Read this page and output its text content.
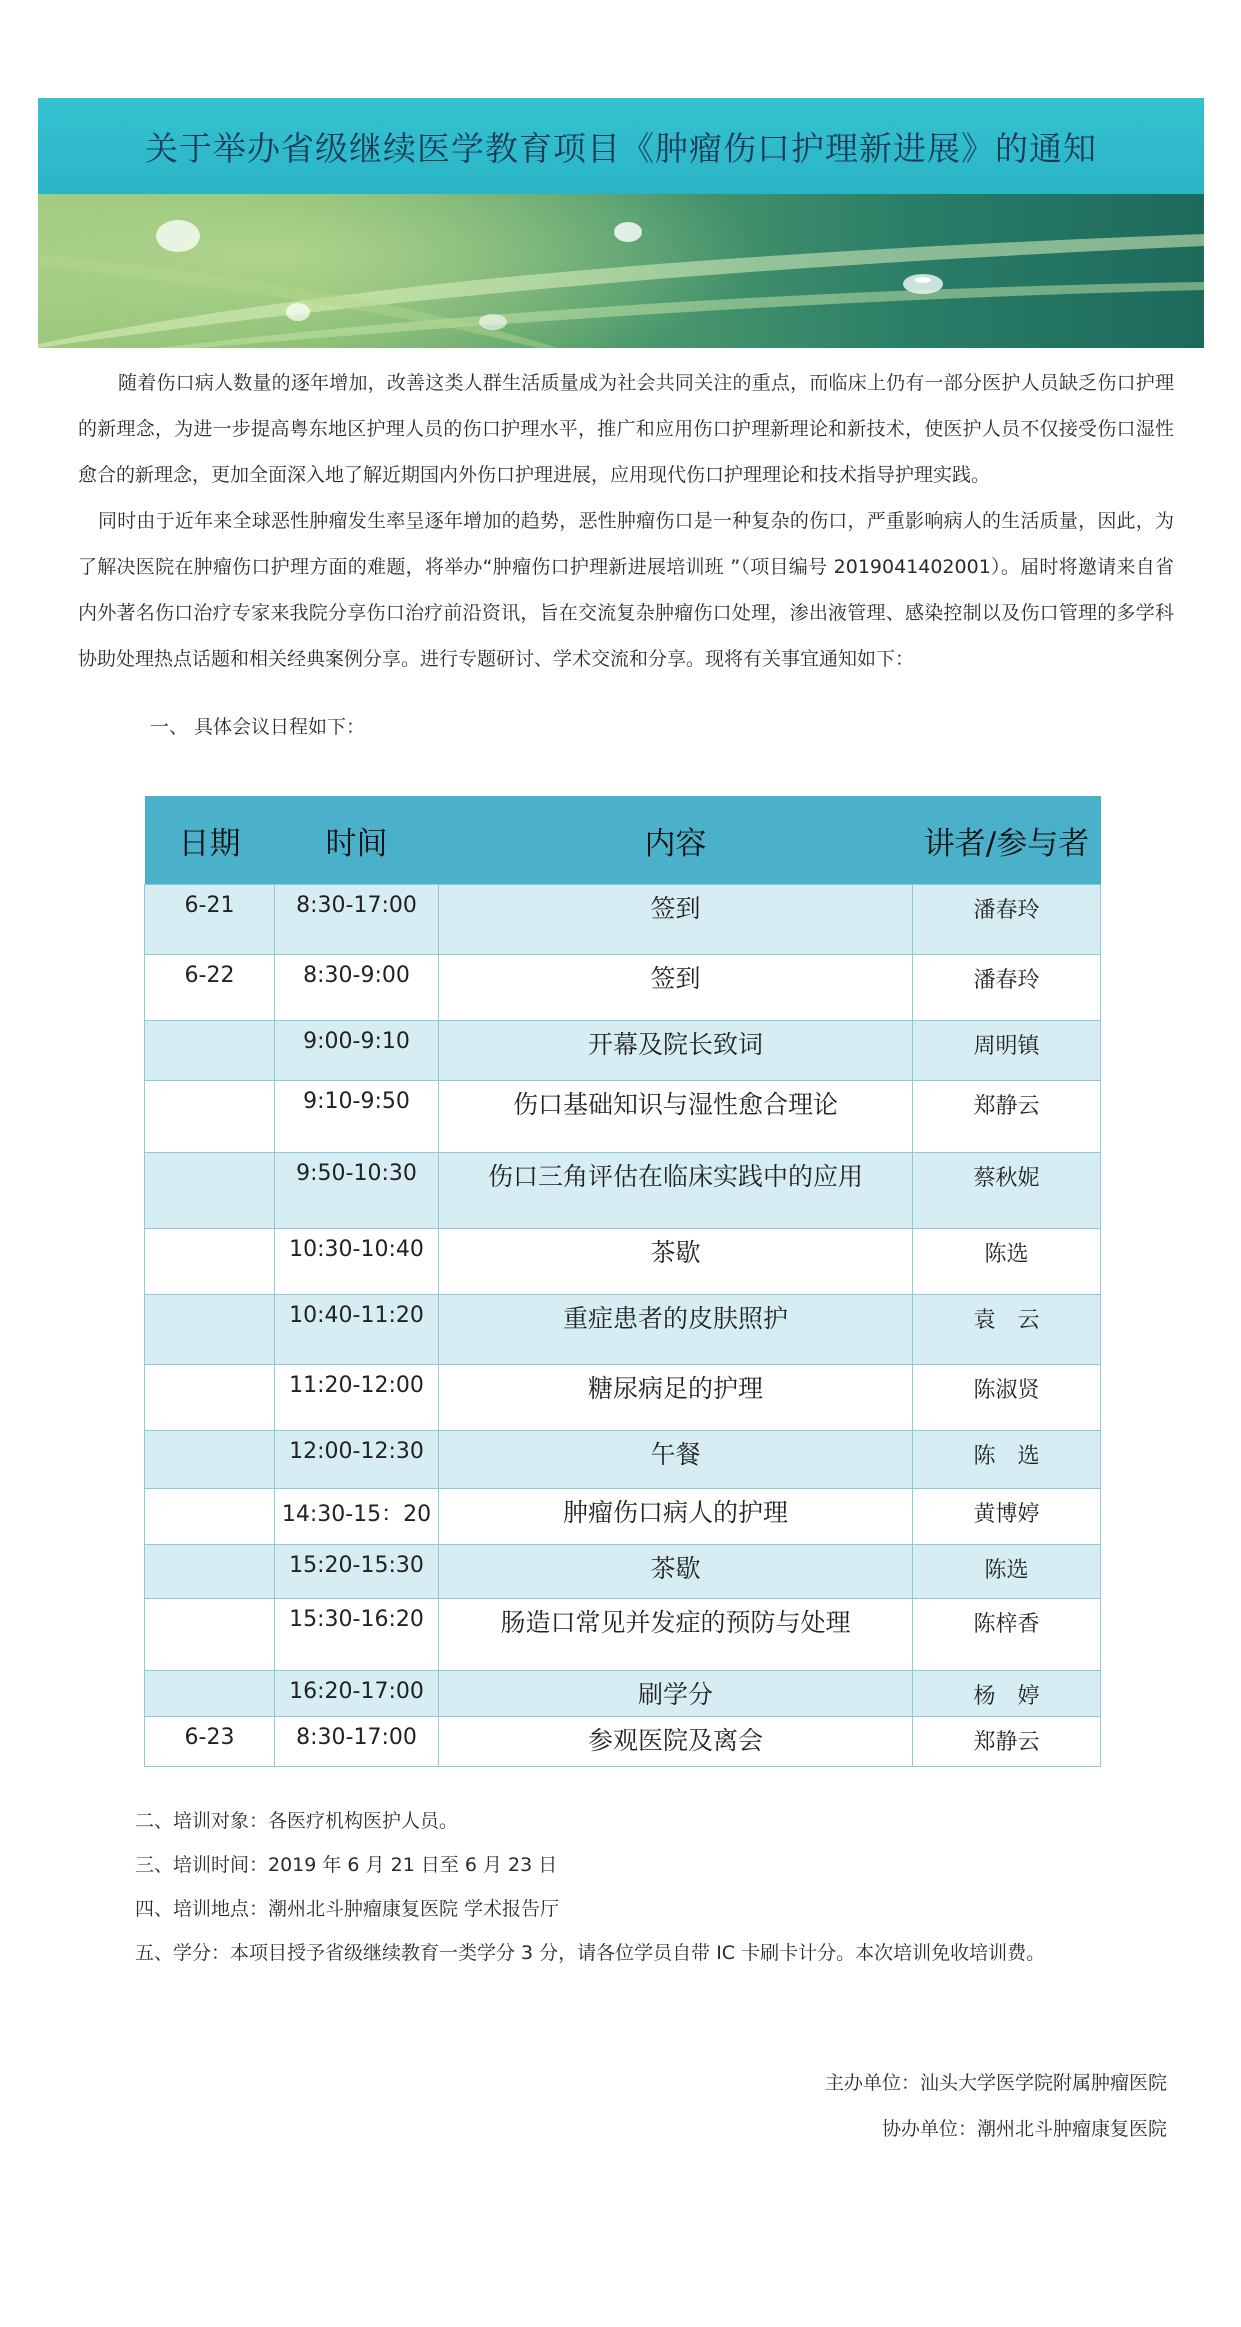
关于举办省级继续医学教育项目《肿瘤伤口护理新进展》的通知
随着伤口病人数量的逐年增加，改善这类人群生活质量成为社会共同关注的重点，而临床上仍有一部分医护人员缺乏伤口护理的新理念，为进一步提高粤东地区护理人员的伤口护理水平，推广和应用伤口护理新理论和新技术，使医护人员不仅接受伤口湿性愈合的新理念，更加全面深入地了解近期国内外伤口护理进展，应用现代伤口护理理论和技术指导护理实践。
同时由于近年来全球恶性肿瘤发生率呈逐年增加的趋势，恶性肿瘤伤口是一种复杂的伤口，严重影响病人的生活质量，因此，为了解决医院在肿瘤伤口护理方面的难题，将举办“肿瘤伤口护理新进展培训班 ”（项目编号 2019041402001）。届时将邀请来自省内外著名伤口治疗专家来我院分享伤口治疗前沿资讯，旨在交流复杂肿瘤伤口处理，渗出液管理、感染控制以及伤口管理的多学科协助处理热点话题和相关经典案例分享。进行专题研讨、学术交流和分享。现将有关事宜通知如下：
一、 具体会议日程如下：
日期	时间	内容	讲者/参与者
6-21	8:30-17:00	签到	潘春玲
6-22	8:30-9:00	签到	潘春玲
	9:00-9:10	开幕及院长致词	周明镇
	9:10-9:50	伤口基础知识与湿性愈合理论	郑静云
	9:50-10:30	伤口三角评估在临床实践中的应用	蔡秋妮
	10:30-10:40	茶歇	陈选
	10:40-11:20	重症患者的皮肤照护	袁　云
	11:20-12:00	糖尿病足的护理	陈淑贤
	12:00-12:30	午餐	陈　选
	14:30-15：20	肿瘤伤口病人的护理	黄博婷
	15:20-15:30	茶歇	陈选
	15:30-16:20	肠造口常见并发症的预防与处理	陈梓香
	16:20-17:00	刷学分	杨　婷
6-23	8:30-17:00	参观医院及离会	郑静云
二、培训对象：各医疗机构医护人员。
三、培训时间：2019 年 6 月 21 日至 6 月 23 日
四、培训地点：潮州北斗肿瘤康复医院 学术报告厅
五、学分：本项目授予省级继续教育一类学分 3 分，请各位学员自带 IC 卡刷卡计分。本次培训免收培训费。
主办单位：汕头大学医学院附属肿瘤医院
协办单位：潮州北斗肿瘤康复医院
